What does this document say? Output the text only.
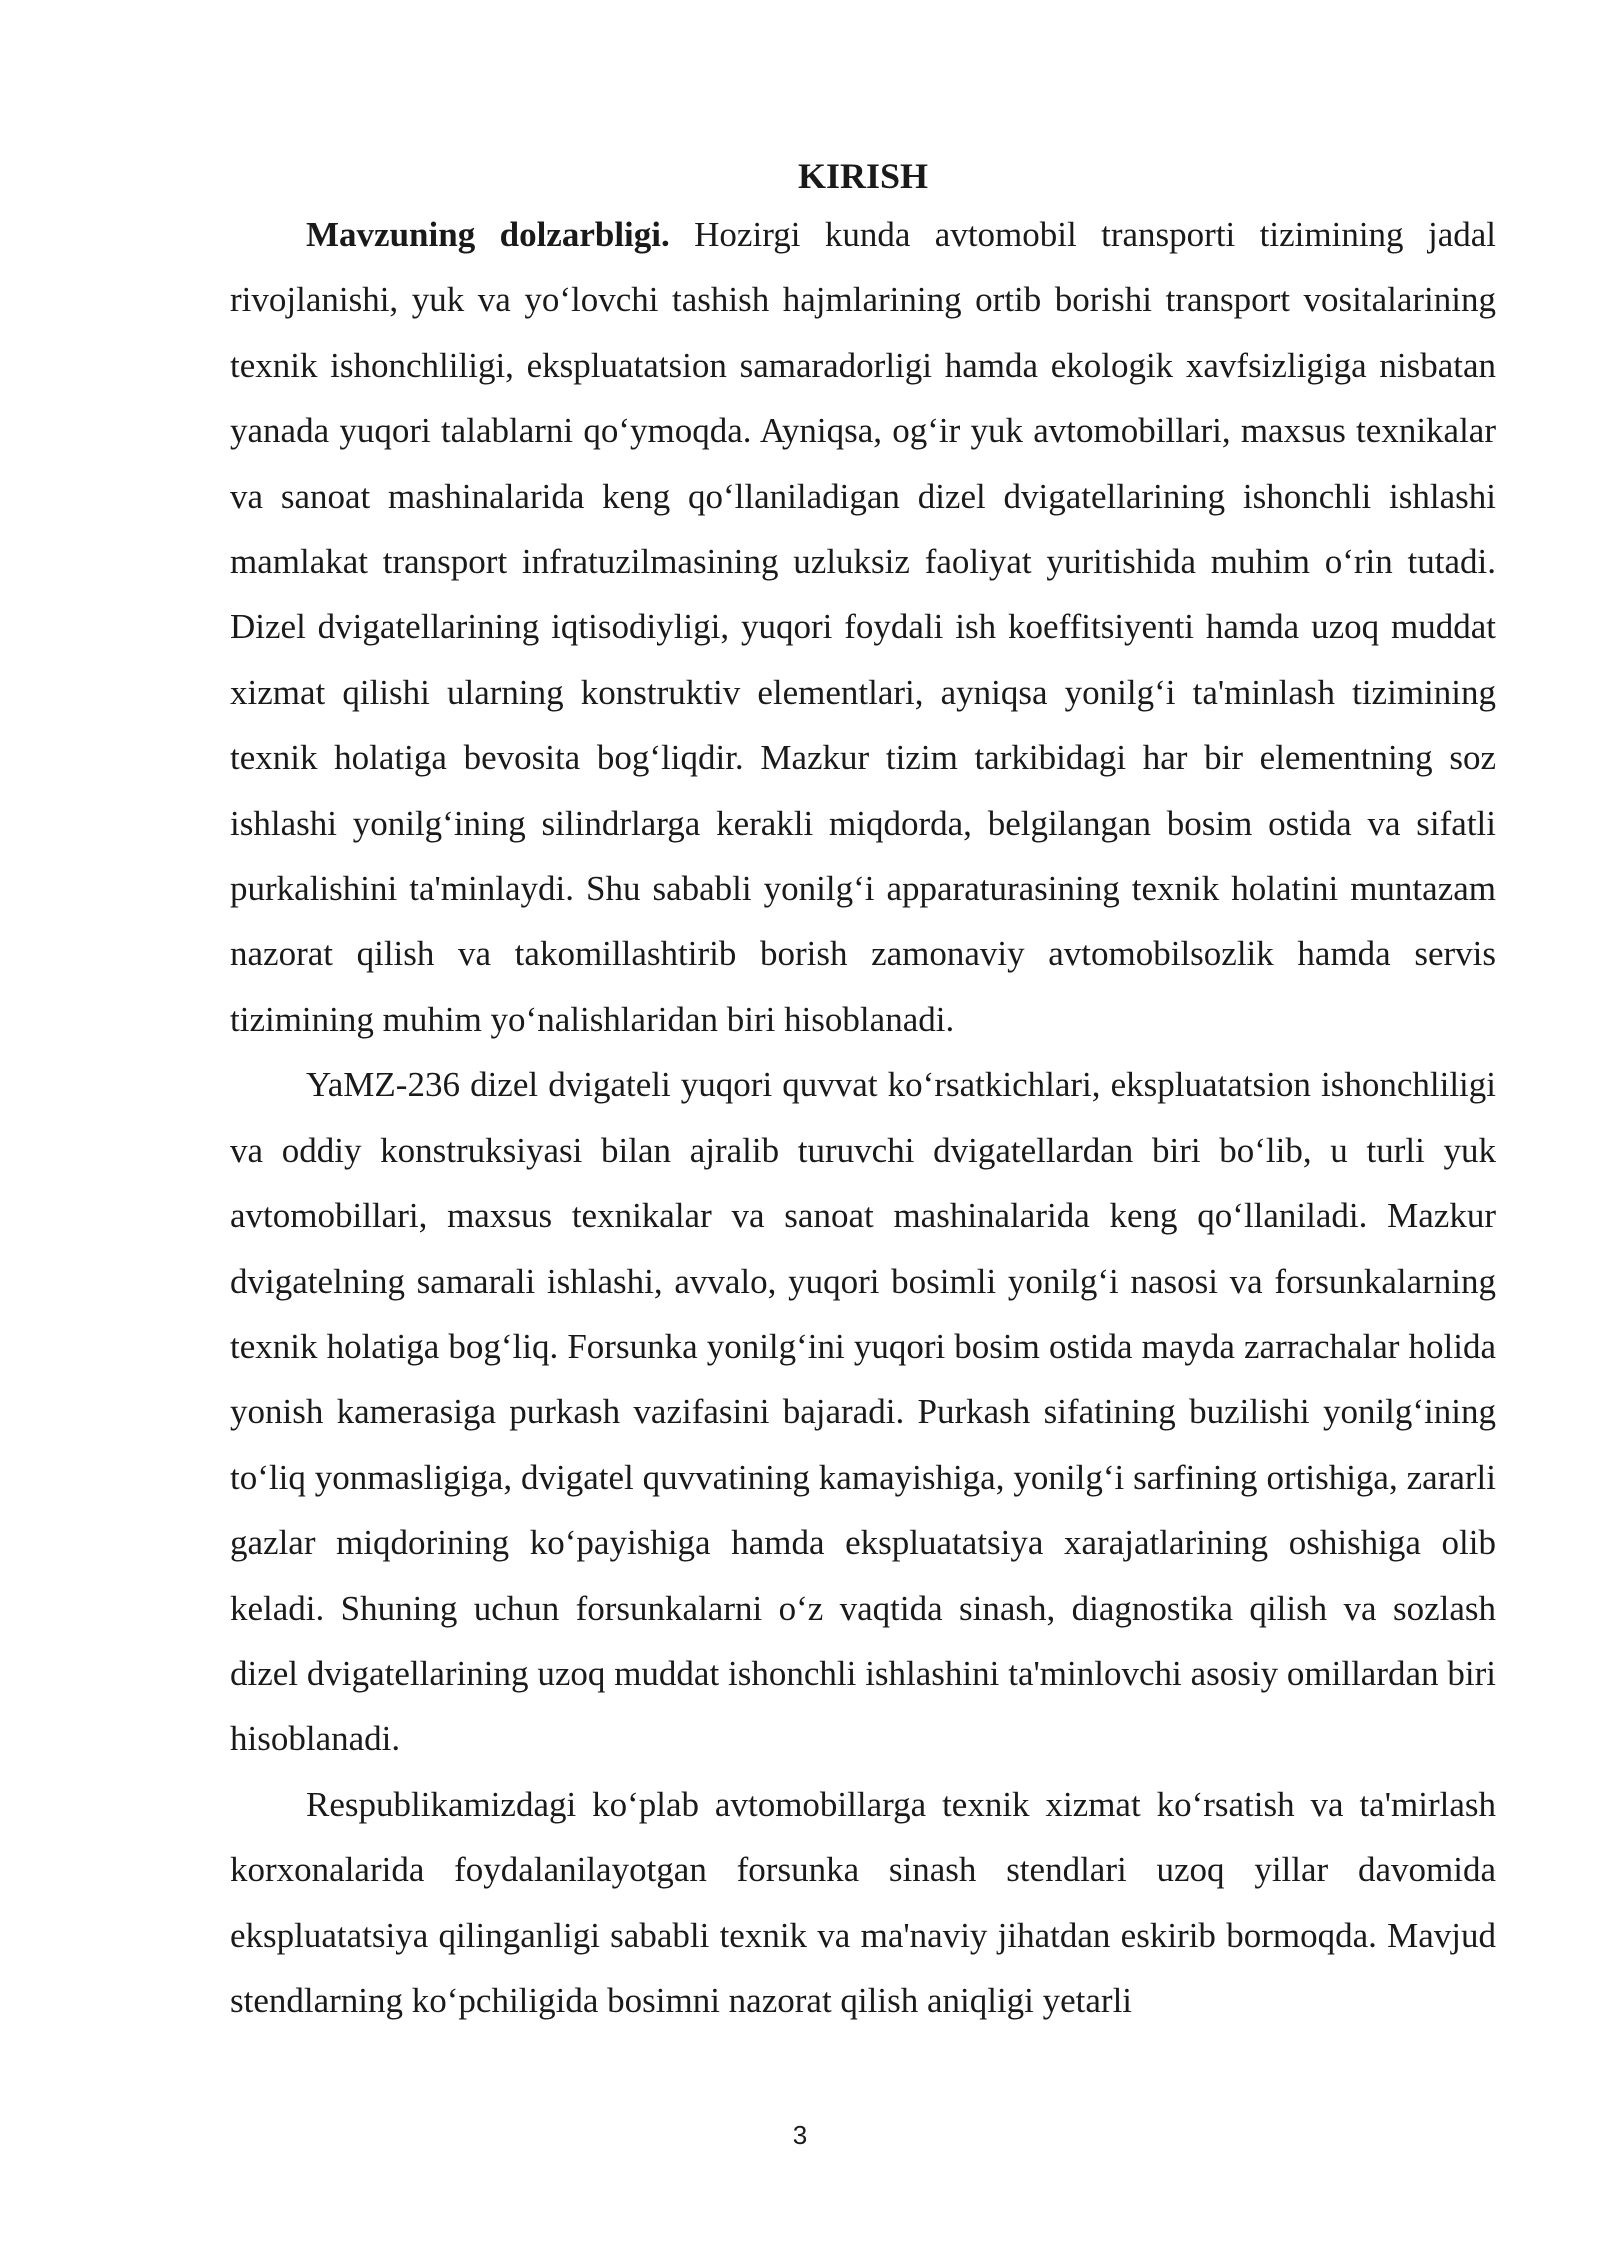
KIRISH

Mavzuning dolzarbligi. Hozirgi kunda avtomobil transporti tizimining jadal rivojlanishi, yuk va yo‘lovchi tashish hajmlarining ortib borishi transport vositalarining texnik ishonchliligi, ekspluatatsion samaradorligi hamda ekologik xavfsizligiga nisbatan yanada yuqori talablarni qo‘ymoqda. Ayniqsa, og‘ir yuk avtomobillari, maxsus texnikalar va sanoat mashinalarida keng qo‘llaniladigan dizel dvigatellarining ishonchli ishlashi mamlakat transport infratuzilmasining uzluksiz faoliyat yuritishida muhim o‘rin tutadi. Dizel dvigatellarining iqtisodiyligi, yuqori foydali ish koeffitsiyenti hamda uzoq muddat xizmat qilishi ularning konstruktiv elementlari, ayniqsa yonilg‘i ta'minlash tizimining texnik holatiga bevosita bog‘liqdir. Mazkur tizim tarkibidagi har bir elementning soz ishlashi yonilg‘ining silindrlarga kerakli miqdorda, belgilangan bosim ostida va sifatli purkalishini ta'minlaydi. Shu sababli yonilg‘i apparaturasining texnik holatini muntazam nazorat qilish va takomillashtirib borish zamonaviy avtomobilsozlik hamda servis tizimining muhim yo‘nalishlaridan biri hisoblanadi.

YaMZ-236 dizel dvigateli yuqori quvvat ko‘rsatkichlari, ekspluatatsion ishonchliligi va oddiy konstruksiyasi bilan ajralib turuvchi dvigatellardan biri bo‘lib, u turli yuk avtomobillari, maxsus texnikalar va sanoat mashinalarida keng qo‘llaniladi. Mazkur dvigatelning samarali ishlashi, avvalo, yuqori bosimli yonilg‘i nasosi va forsunkalarning texnik holatiga bog‘liq. Forsunka yonilg‘ini yuqori bosim ostida mayda zarrachalar holida yonish kamerasiga purkash vazifasini bajaradi. Purkash sifatining buzilishi yonilg‘ining to‘liq yonmasligiga, dvigatel quvvatining kamayishiga, yonilg‘i sarfining ortishiga, zararli gazlar miqdorining ko‘payishiga hamda ekspluatatsiya xarajatlarining oshishiga olib keladi. Shuning uchun forsunkalarni o‘z vaqtida sinash, diagnostika qilish va sozlash dizel dvigatellarining uzoq muddat ishonchli ishlashini ta'minlovchi asosiy omillardan biri hisoblanadi.

Respublikamizdagi ko‘plab avtomobillarga texnik xizmat ko‘rsatish va ta'mirlash korxonalarida foydalanilayotgan forsunka sinash stendlari uzoq yillar davomida ekspluatatsiya qilinganligi sababli texnik va ma'naviy jihatdan eskirib bormoqda. Mavjud stendlarning ko‘pchiligida bosimni nazorat qilish aniqligi yetarli

3
